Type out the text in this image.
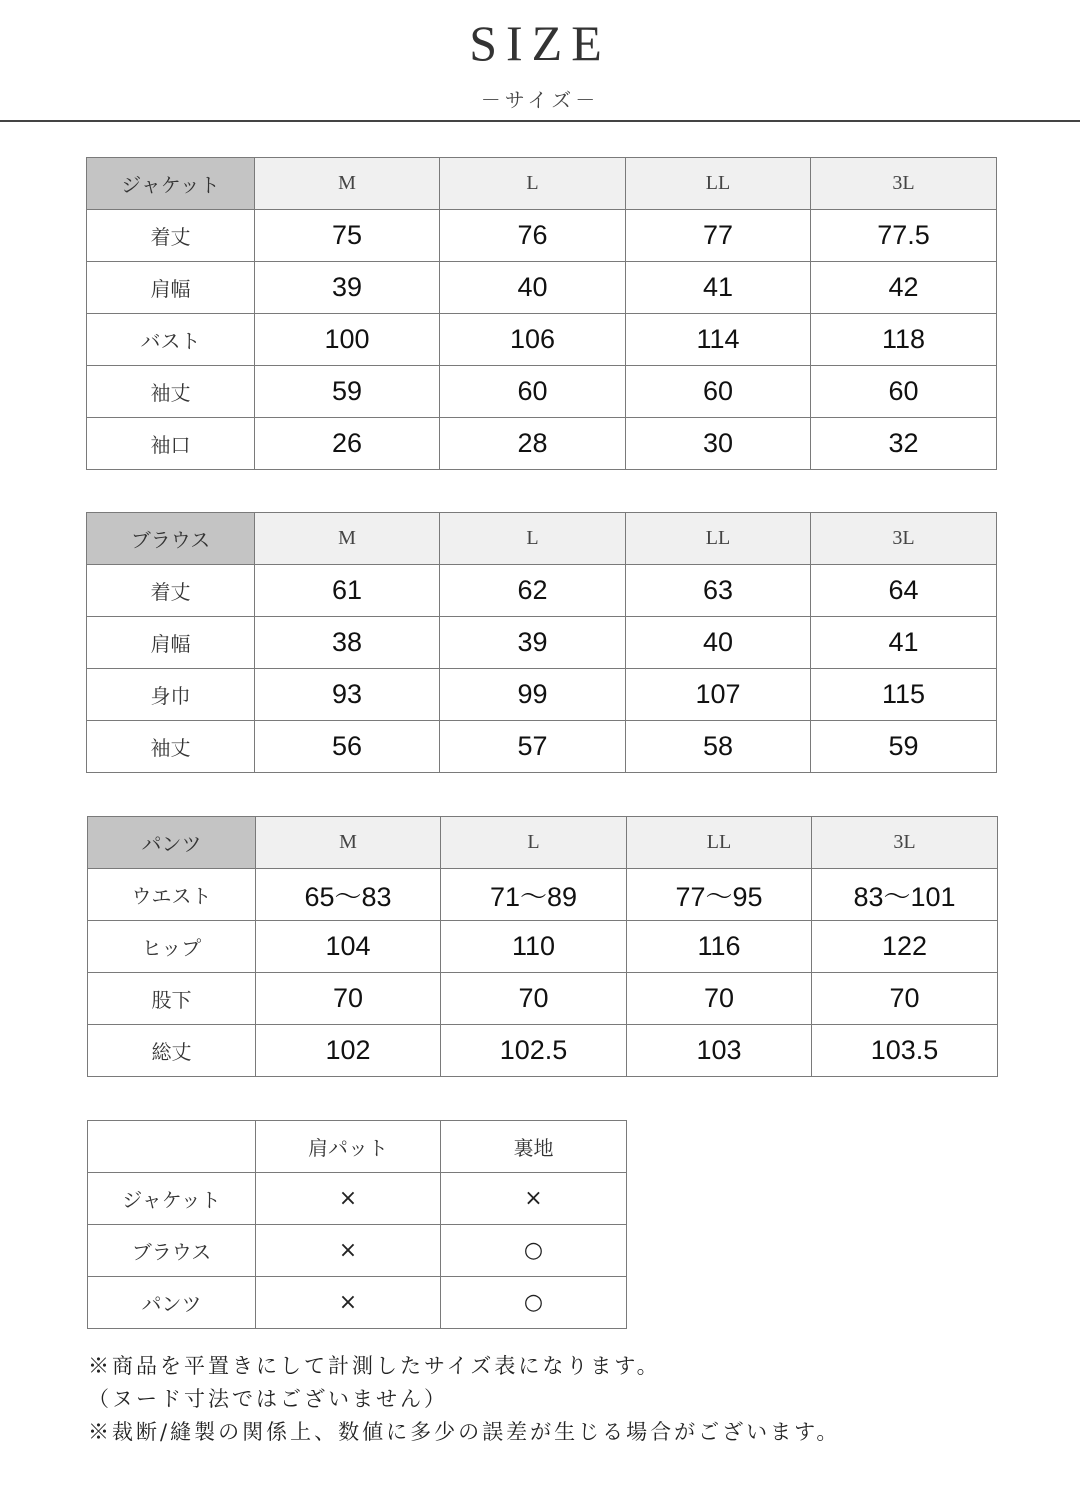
SIZE
－サイズ－
ジャケット	M	L	LL	3L
着丈	75	76	77	77.5
肩幅	39	40	41	42
バスト	100	106	114	118
袖丈	59	60	60	60
袖口	26	28	30	32
ブラウス	M	L	LL	3L
着丈	61	62	63	64
肩幅	38	39	40	41
身巾	93	99	107	115
袖丈	56	57	58	59
パンツ	M	L	LL	3L
ウエスト	65～83	71～89	77～95	83～101
ヒップ	104	110	116	122
股下	70	70	70	70
総丈	102	102.5	103	103.5
	肩パット	裏地
ジャケット	×	×
ブラウス	×	○
パンツ	×	○
※商品を平置きにして計測したサイズ表になります。
（ヌード寸法ではございません）
※裁断/縫製の関係上、数値に多少の誤差が生じる場合がございます。
